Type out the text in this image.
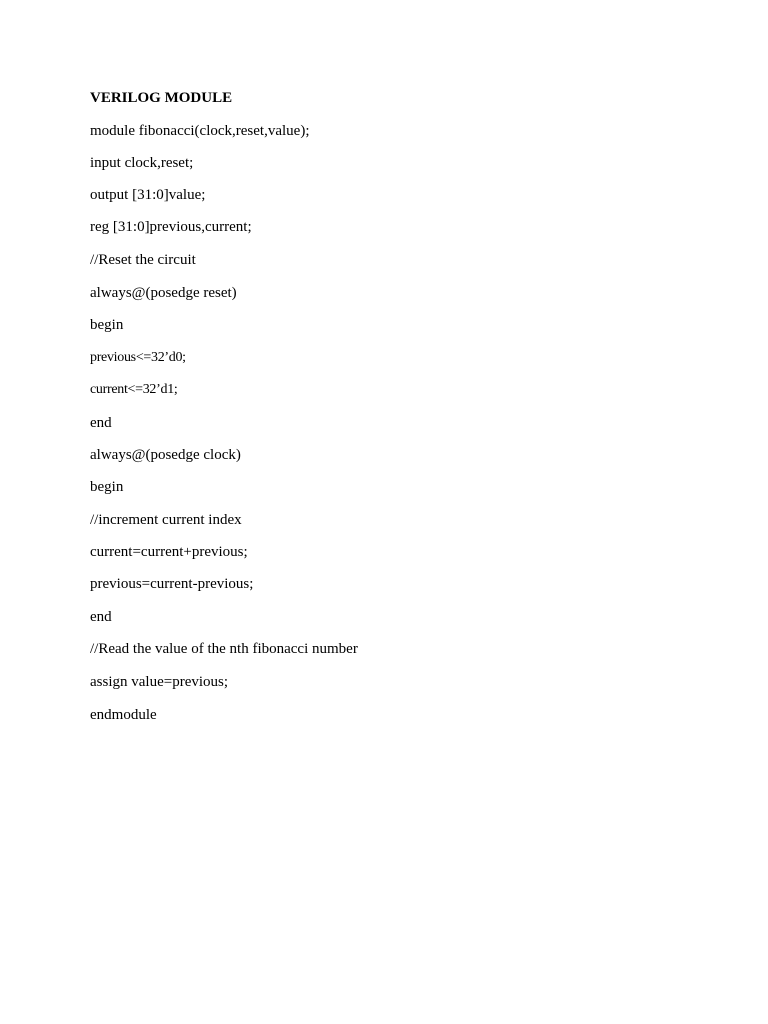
VERILOG MODULE
module fibonacci(clock,reset,value);
input clock,reset;
output [31:0]value;
reg [31:0]previous,current;
//Reset the circuit
always@(posedge reset)
begin
previous<=32’d0;
current<=32’d1;
end
always@(posedge clock)
begin
//increment current index
current=current+previous;
previous=current-previous;
end
//Read the value of the nth fibonacci number
assign value=previous;
endmodule
